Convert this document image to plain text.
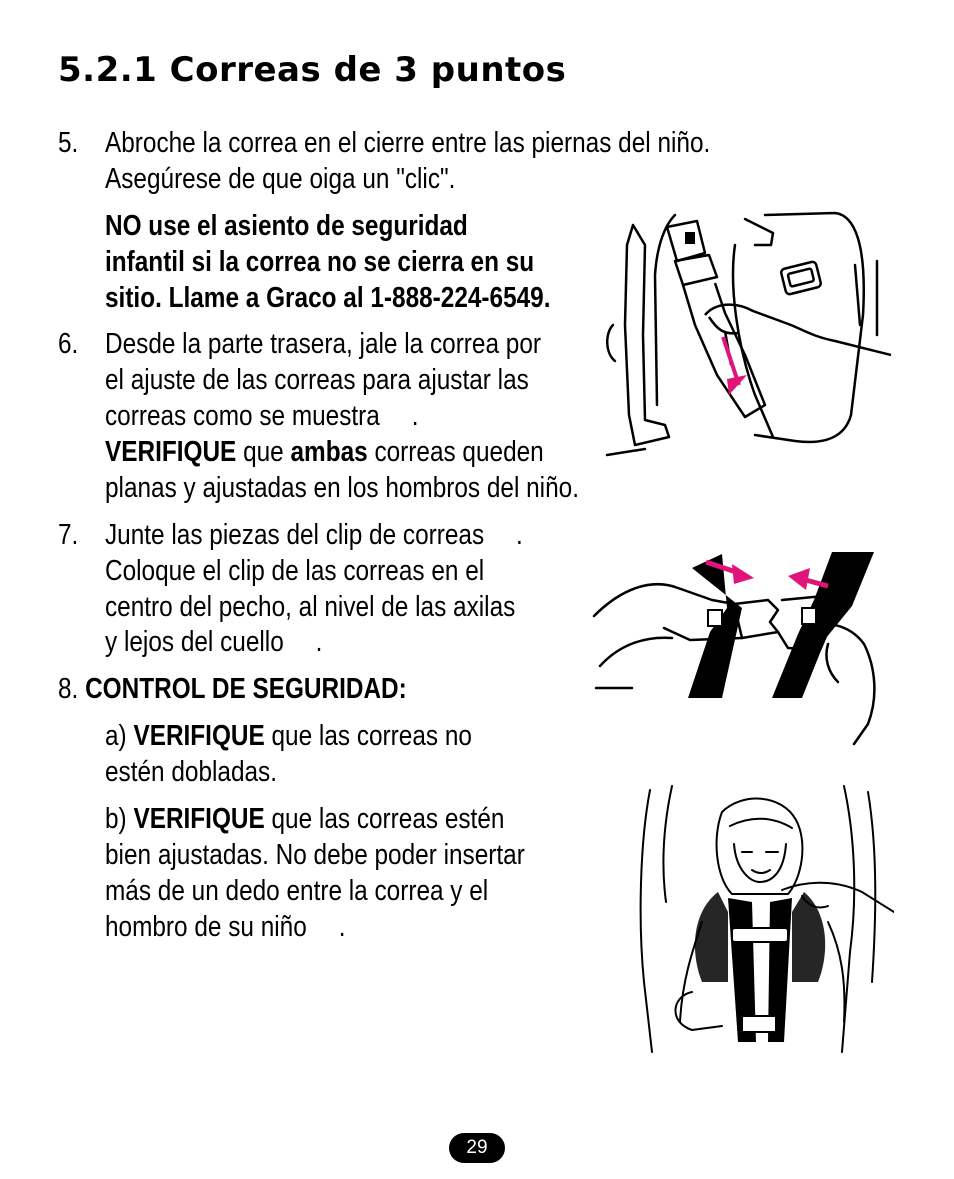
5.2.1 Correas de 3 puntos
5. Abroche la correa en el cierre entre las piernas del niño.
Asegúrese de que oiga un "clic".
NO use el asiento de seguridad
infantil si la correa no se cierra en su
sitio. Llame a Graco al 1-888-224-6549.
6. Desde la parte trasera, jale la correa por
el ajuste de las correas para ajustar las
correas como se muestra .
VERIFIQUE que ambas correas queden
planas y ajustadas en los hombros del niño.
7. Junte las piezas del clip de correas .
Coloque el clip de las correas en el
centro del pecho, al nivel de las axilas
y lejos del cuello .
8. CONTROL DE SEGURIDAD:
a) VERIFIQUE que las correas no
estén dobladas.
b) VERIFIQUE que las correas estén
bien ajustadas. No debe poder insertar
más de un dedo entre la correa y el
hombro de su niño .
29
